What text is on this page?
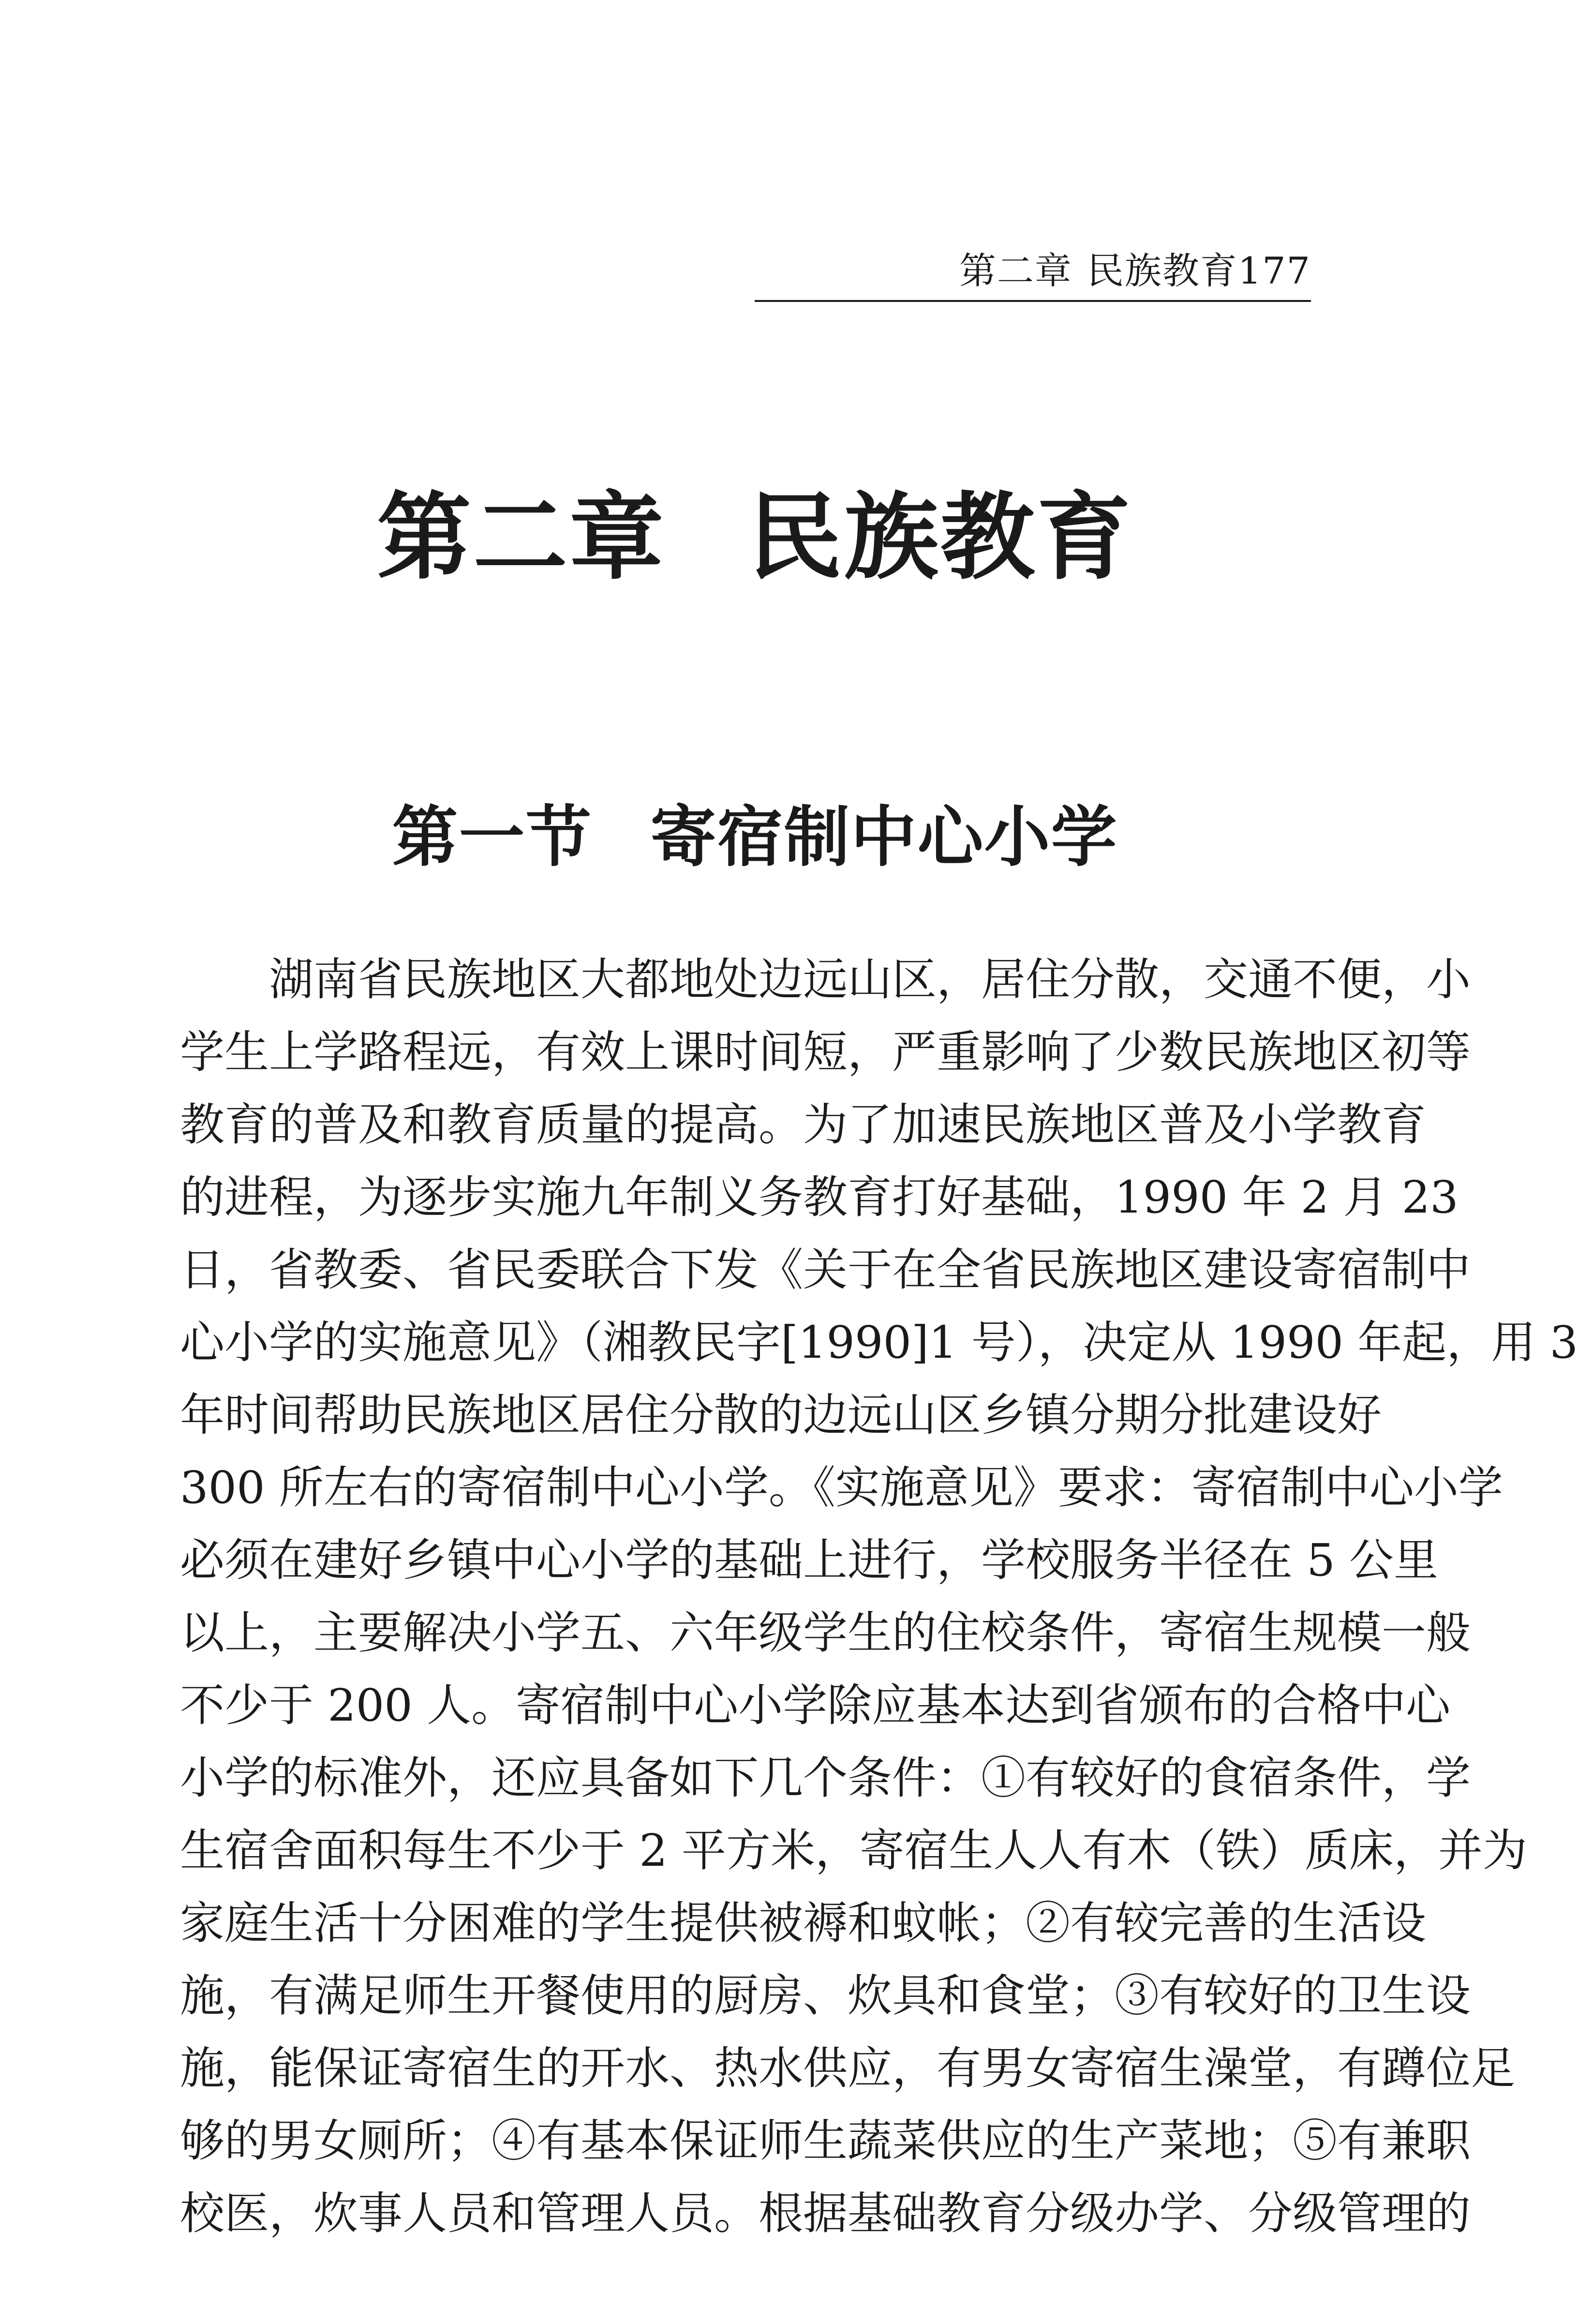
第二章 民族教育177
第二章 民族教育
第一节 寄宿制中心小学
湖南省民族地区大都地处边远山区，居住分散，交通不便，小
学生上学路程远，有效上课时间短，严重影响了少数民族地区初等
教育的普及和教育质量的提高。为了加速民族地区普及小学教育
的进程，为逐步实施九年制义务教育打好基础，1990 年 2 月 23
日，省教委、省民委联合下发《关于在全省民族地区建设寄宿制中
心小学的实施意见》（湘教民字[1990]1 号），决定从 1990 年起，用 3
年时间帮助民族地区居住分散的边远山区乡镇分期分批建设好
300 所左右的寄宿制中心小学。《实施意见》要求：寄宿制中心小学
必须在建好乡镇中心小学的基础上进行，学校服务半径在 5 公里
以上，主要解决小学五、六年级学生的住校条件，寄宿生规模一般
不少于 200 人。寄宿制中心小学除应基本达到省颁布的合格中心
小学的标准外，还应具备如下几个条件：①有较好的食宿条件，学
生宿舍面积每生不少于 2 平方米，寄宿生人人有木（铁）质床，并为
家庭生活十分困难的学生提供被褥和蚊帐；②有较完善的生活设
施，有满足师生开餐使用的厨房、炊具和食堂；③有较好的卫生设
施，能保证寄宿生的开水、热水供应，有男女寄宿生澡堂，有蹲位足
够的男女厕所；④有基本保证师生蔬菜供应的生产菜地；⑤有兼职
校医，炊事人员和管理人员。根据基础教育分级办学、分级管理的
